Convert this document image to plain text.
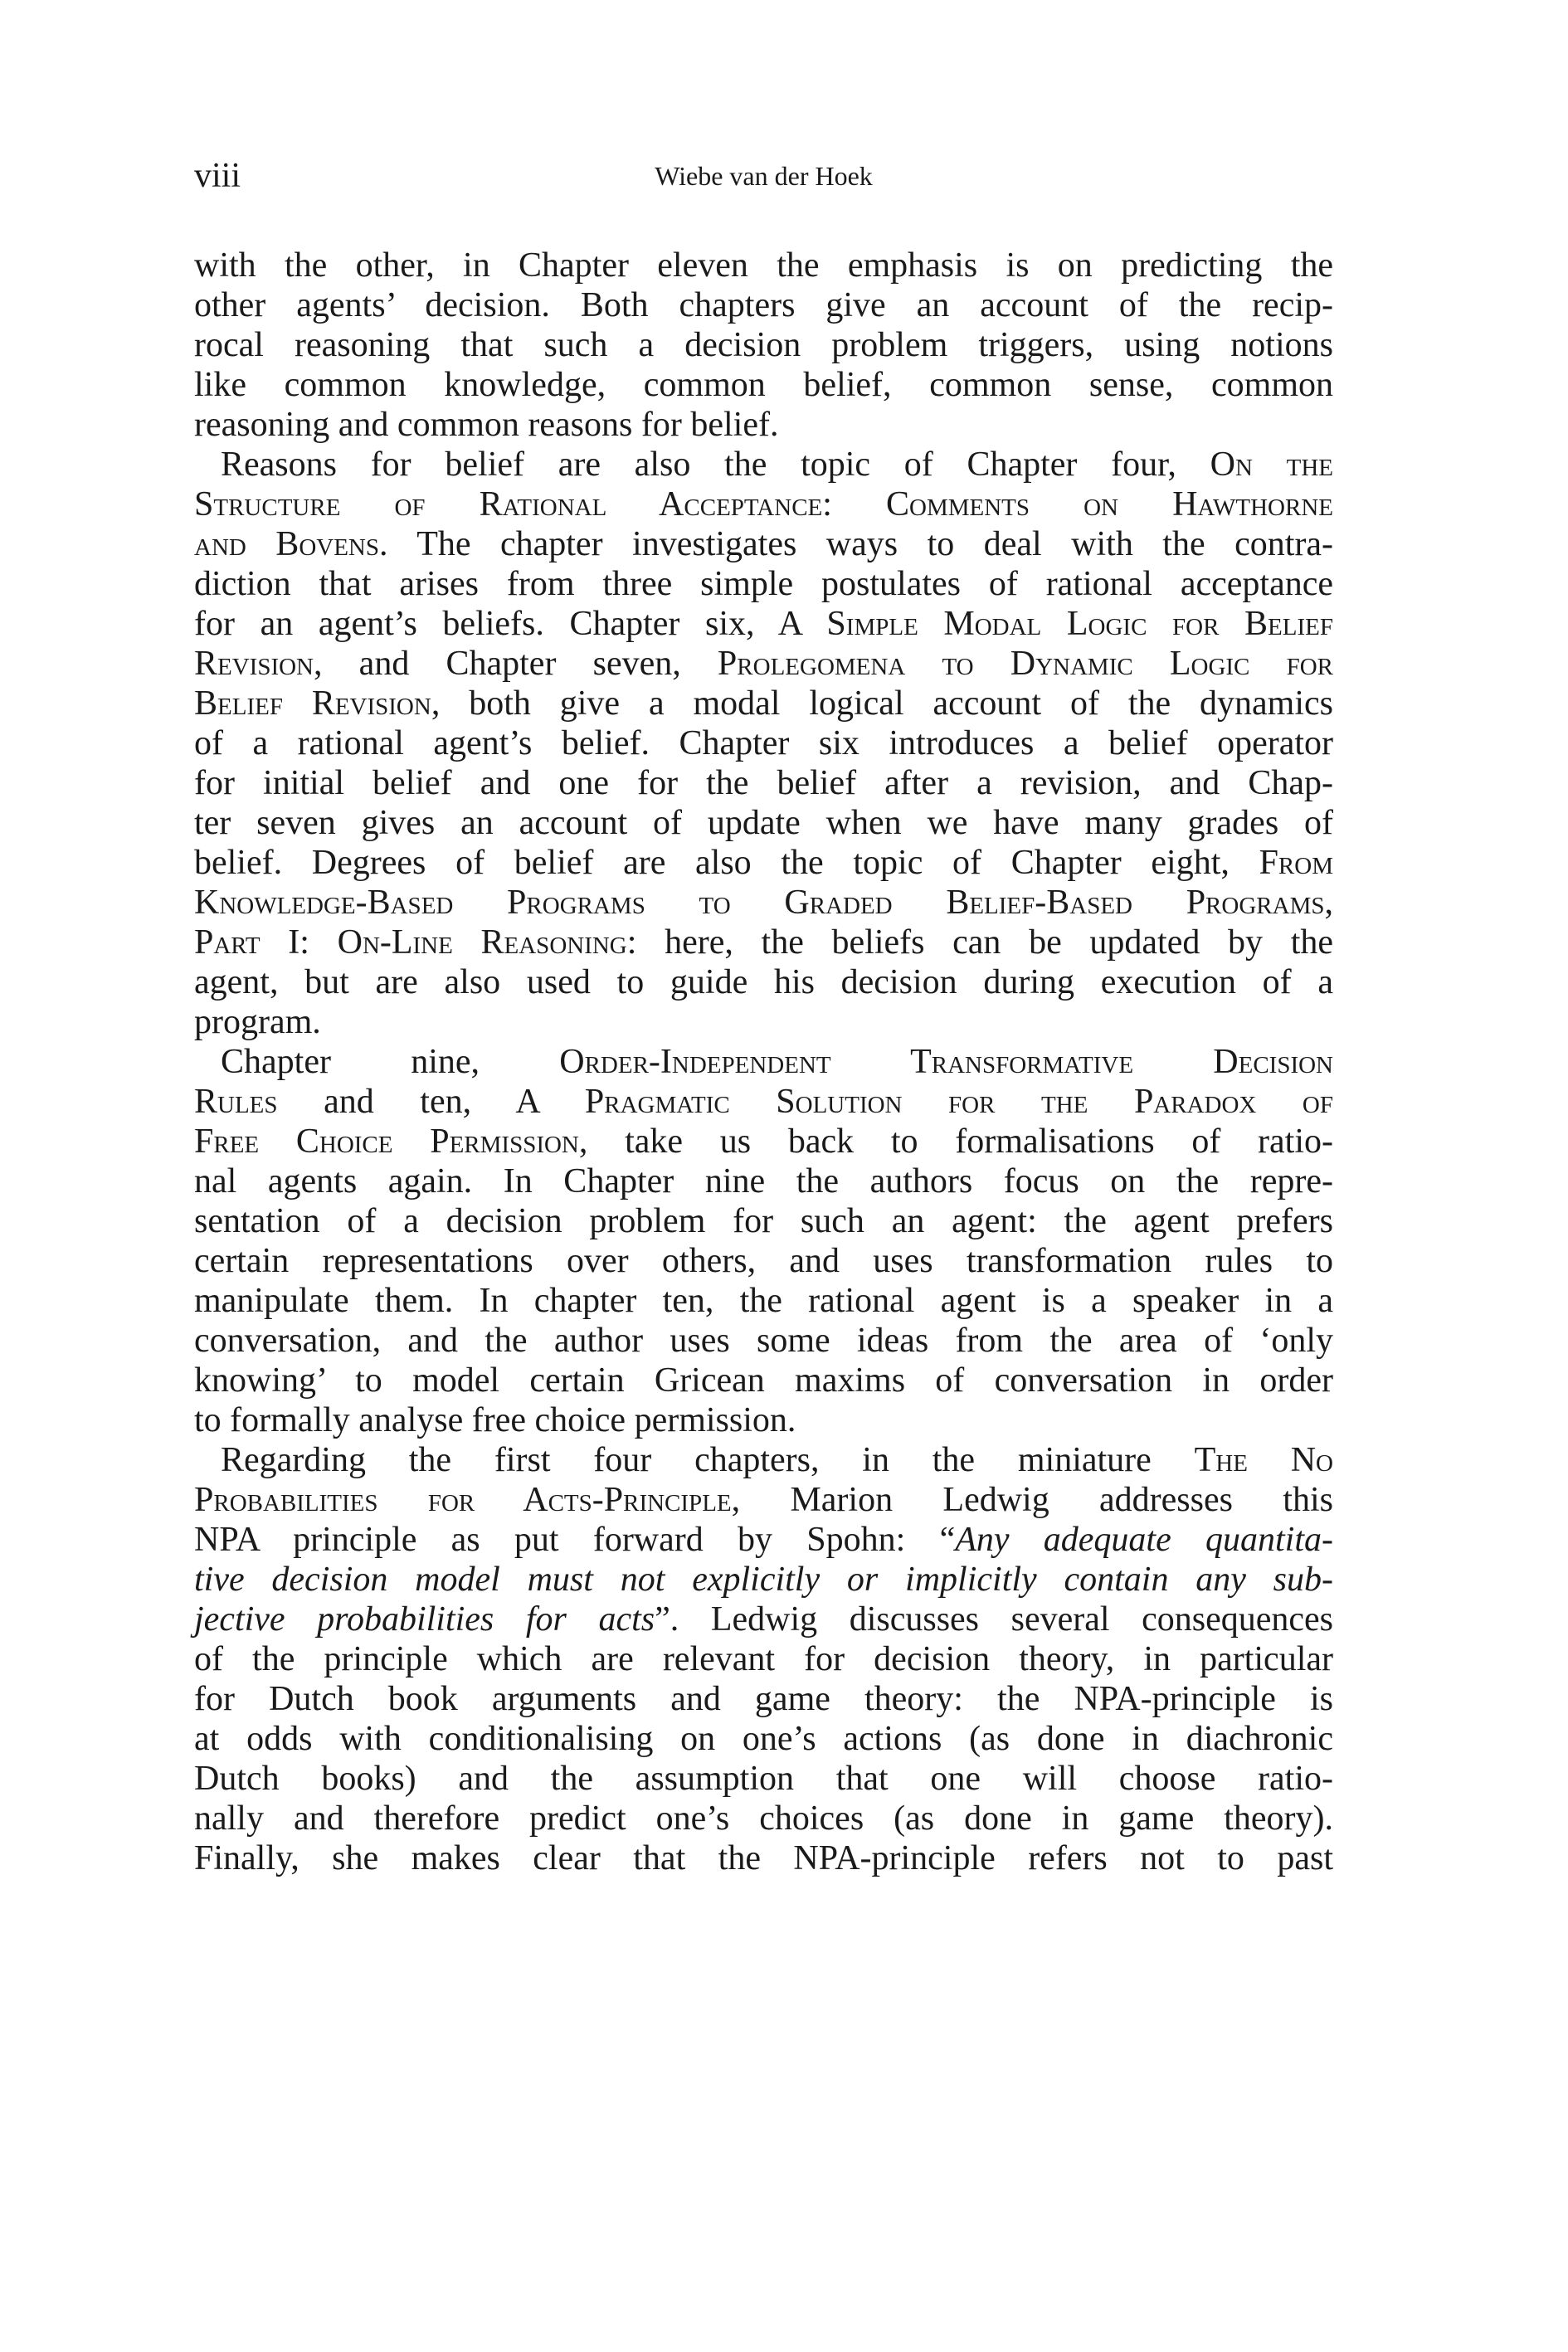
viii	Wiebe van der Hoek
with the other, in Chapter eleven the emphasis is on predicting the
other agents’ decision. Both chapters give an account of the recip-
rocal reasoning that such a decision problem triggers, using notions
like common knowledge, common belief, common sense, common
reasoning and common reasons for belief.
Reasons for belief are also the topic of Chapter four, On the
Structure of Rational Acceptance: Comments on Hawthorne
and Bovens. The chapter investigates ways to deal with the contra-
diction that arises from three simple postulates of rational acceptance
for an agent’s beliefs. Chapter six, A Simple Modal Logic for Belief
Revision, and Chapter seven, Prolegomena to Dynamic Logic for
Belief Revision, both give a modal logical account of the dynamics
of a rational agent’s belief. Chapter six introduces a belief operator
for initial belief and one for the belief after a revision, and Chap-
ter seven gives an account of update when we have many grades of
belief. Degrees of belief are also the topic of Chapter eight, From
Knowledge-Based Programs to Graded Belief-Based Programs,
Part I: On-Line Reasoning: here, the beliefs can be updated by the
agent, but are also used to guide his decision during execution of a
program.
Chapter nine, Order-Independent Transformative Decision
Rules and ten, A Pragmatic Solution for the Paradox of
Free Choice Permission, take us back to formalisations of ratio-
nal agents again. In Chapter nine the authors focus on the repre-
sentation of a decision problem for such an agent: the agent prefers
certain representations over others, and uses transformation rules to
manipulate them. In chapter ten, the rational agent is a speaker in a
conversation, and the author uses some ideas from the area of ‘only
knowing’ to model certain Gricean maxims of conversation in order
to formally analyse free choice permission.
Regarding the first four chapters, in the miniature The No
Probabilities for Acts-Principle, Marion Ledwig addresses this
NPA principle as put forward by Spohn: “Any adequate quantita-
tive decision model must not explicitly or implicitly contain any sub-
jective probabilities for acts”. Ledwig discusses several consequences
of the principle which are relevant for decision theory, in particular
for Dutch book arguments and game theory: the NPA-principle is
at odds with conditionalising on one’s actions (as done in diachronic
Dutch books) and the assumption that one will choose ratio-
nally and therefore predict one’s choices (as done in game theory).
Finally, she makes clear that the NPA-principle refers not to past
